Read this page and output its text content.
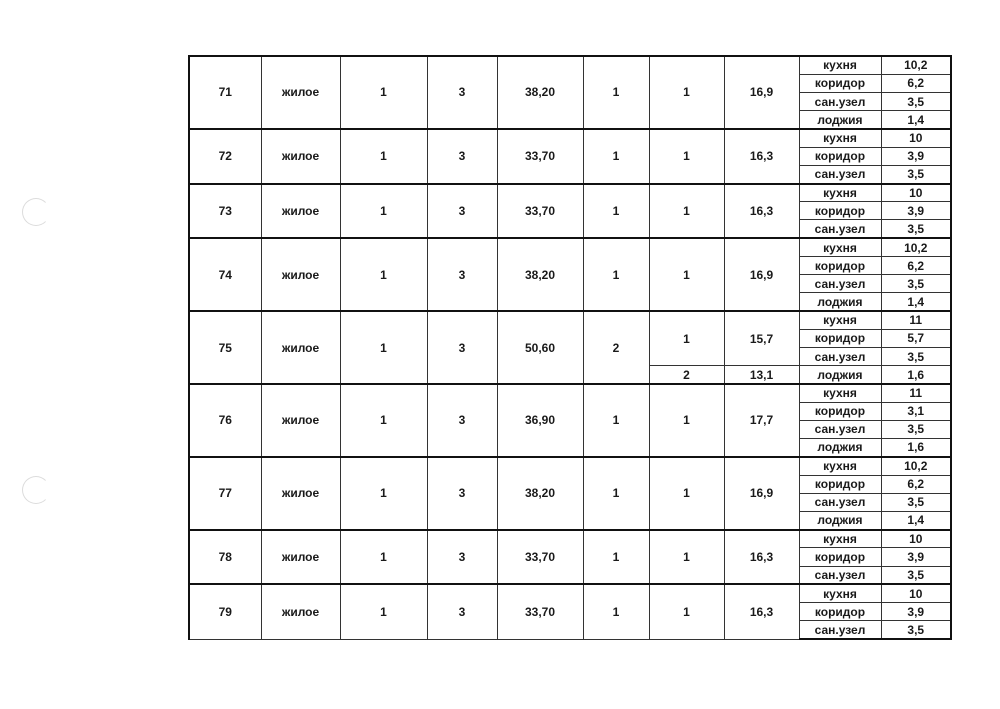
71	жилое	1	3	38,20	1	1	16,9	кухня	10,2
								коридор	6,2
								сан.узел	3,5
								лоджия	1,4
72	жилое	1	3	33,70	1	1	16,3	кухня	10
								коридор	3,9
								сан.узел	3,5
73	жилое	1	3	33,70	1	1	16,3	кухня	10
								коридор	3,9
								сан.узел	3,5
74	жилое	1	3	38,20	1	1	16,9	кухня	10,2
								коридор	6,2
								сан.узел	3,5
								лоджия	1,4
75	жилое	1	3	50,60	2	1	15,7	кухня	11
								коридор	5,7
								сан.узел	3,5
						2	13,1	лоджия	1,6
76	жилое	1	3	36,90	1	1	17,7	кухня	11
								коридор	3,1
								сан.узел	3,5
								лоджия	1,6
77	жилое	1	3	38,20	1	1	16,9	кухня	10,2
								коридор	6,2
								сан.узел	3,5
								лоджия	1,4
78	жилое	1	3	33,70	1	1	16,3	кухня	10
								коридор	3,9
								сан.узел	3,5
79	жилое	1	3	33,70	1	1	16,3	кухня	10
								коридор	3,9
								сан.узел	3,5
